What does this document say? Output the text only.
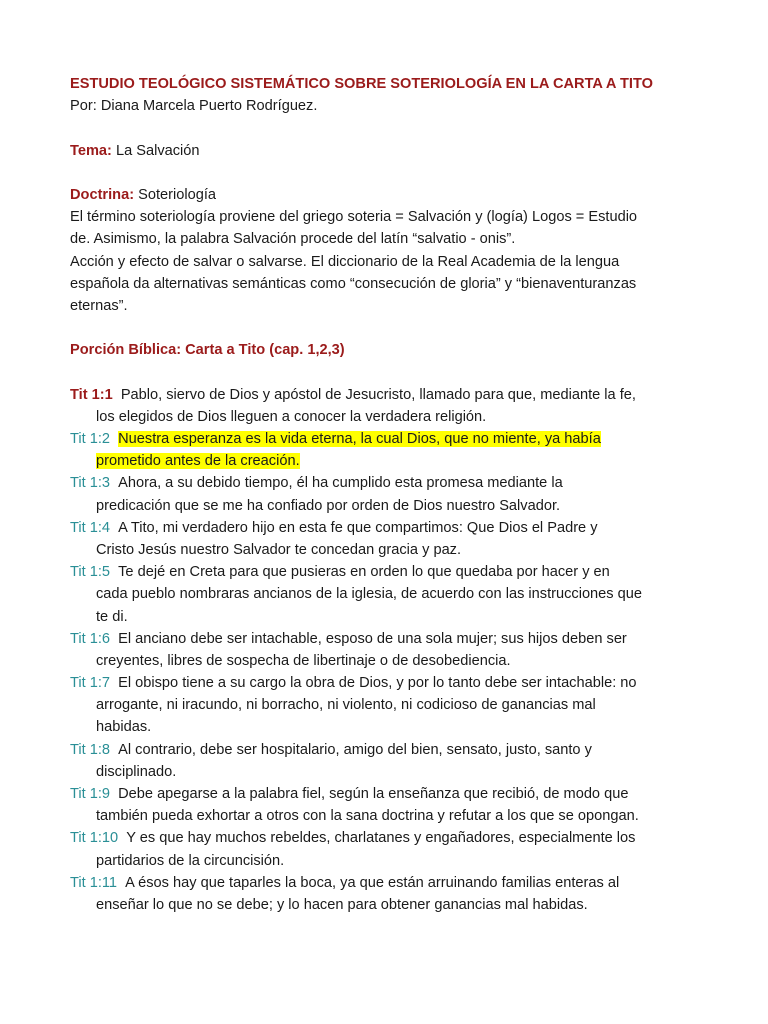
ESTUDIO TEOLÓGICO SISTEMÁTICO SOBRE SOTERIOLOGÍA EN LA CARTA A TITO
Por: Diana Marcela Puerto Rodríguez.
Tema: La Salvación
Doctrina: Soteriología
El término soteriología proviene del griego soteria = Salvación y (logía) Logos = Estudio
de. Asimismo, la palabra Salvación procede del latín “salvatio - onis”.
Acción y efecto de salvar o salvarse. El diccionario de la Real Academia de la lengua
española da alternativas semánticas como “consecución de gloria” y “bienaventuranzas
eternas”.
Porción Bíblica: Carta a Tito (cap. 1,2,3)
Tit 1:1 Pablo, siervo de Dios y apóstol de Jesucristo, llamado para que, mediante la fe,
los elegidos de Dios lleguen a conocer la verdadera religión.
Tit 1:2 Nuestra esperanza es la vida eterna, la cual Dios, que no miente, ya había
prometido antes de la creación.
Tit 1:3 Ahora, a su debido tiempo, él ha cumplido esta promesa mediante la
predicación que se me ha confiado por orden de Dios nuestro Salvador.
Tit 1:4 A Tito, mi verdadero hijo en esta fe que compartimos: Que Dios el Padre y
Cristo Jesús nuestro Salvador te concedan gracia y paz.
Tit 1:5 Te dejé en Creta para que pusieras en orden lo que quedaba por hacer y en
cada pueblo nombraras ancianos de la iglesia, de acuerdo con las instrucciones que
te di.
Tit 1:6 El anciano debe ser intachable, esposo de una sola mujer; sus hijos deben ser
creyentes, libres de sospecha de libertinaje o de desobediencia.
Tit 1:7 El obispo tiene a su cargo la obra de Dios, y por lo tanto debe ser intachable: no
arrogante, ni iracundo, ni borracho, ni violento, ni codicioso de ganancias mal
habidas.
Tit 1:8 Al contrario, debe ser hospitalario, amigo del bien, sensato, justo, santo y
disciplinado.
Tit 1:9 Debe apegarse a la palabra fiel, según la enseñanza que recibió, de modo que
también pueda exhortar a otros con la sana doctrina y refutar a los que se opongan.
Tit 1:10 Y es que hay muchos rebeldes, charlatanes y engañadores, especialmente los
partidarios de la circuncisión.
Tit 1:11 A ésos hay que taparles la boca, ya que están arruinando familias enteras al
enseñar lo que no se debe; y lo hacen para obtener ganancias mal habidas.
